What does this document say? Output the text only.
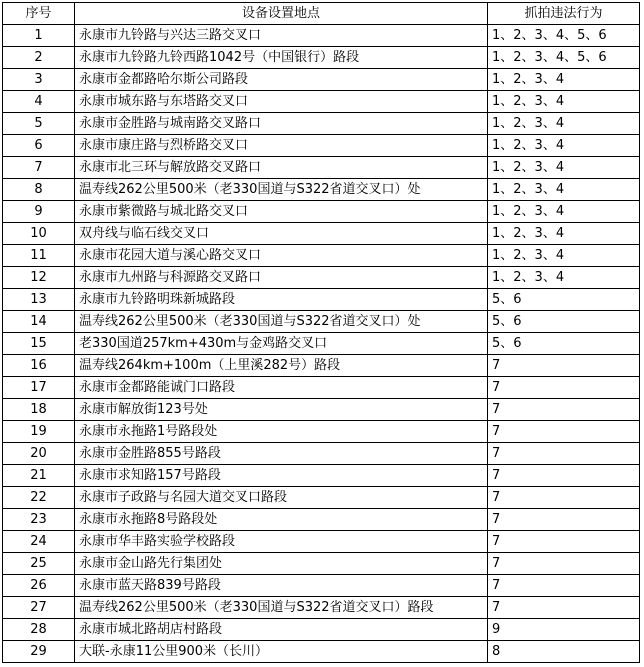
序号	设备设置地点	抓拍违法行为
1	永康市九铃路与兴达三路交叉口	1、2、3、4、5、6
2	永康市九铃路九铃西路1042号（中国银行）路段	1、2、3、4、5、6
3	永康市金都路哈尔斯公司路段	1、2、3、4
4	永康市城东路与东塔路交叉口	1、2、3、4
5	永康市金胜路与城南路交叉路口	1、2、3、4
6	永康市康庄路与烈桥路交叉口	1、2、3、4
7	永康市北三环与解放路交叉路口	1、2、3、4
8	温寿线262公里500米（老330国道与S322省道交叉口）处	1、2、3、4
9	永康市紫微路与城北路交叉口	1、2、3、4
10	双舟线与临石线交叉口	1、2、3、4
11	永康市花园大道与溪心路交叉口	1、2、3、4
12	永康市九州路与科源路交叉路口	1、2、3、4
13	永康市九铃路明珠新城路段	5、6
14	温寿线262公里500米（老330国道与S322省道交叉口）处	5、6
15	老330国道257km+430m与金鸡路交叉口	5、6
16	温寿线264km+100m（上里溪282号）路段	7
17	永康市金都路能诚门口路段	7
18	永康市解放街123号处	7
19	永康市永拖路1号路段处	7
20	永康市金胜路855号路段	7
21	永康市求知路157号路段	7
22	永康市子政路与名园大道交叉口路段	7
23	永康市永拖路8号路段处	7
24	永康市华丰路实验学校路段	7
25	永康市金山路先行集团处	7
26	永康市蓝天路839号路段	7
27	温寿线262公里500米（老330国道与S322省道交叉口）路段	7
28	永康市城北路胡店村路段	9
29	大联-永康11公里900米（长川）	8
